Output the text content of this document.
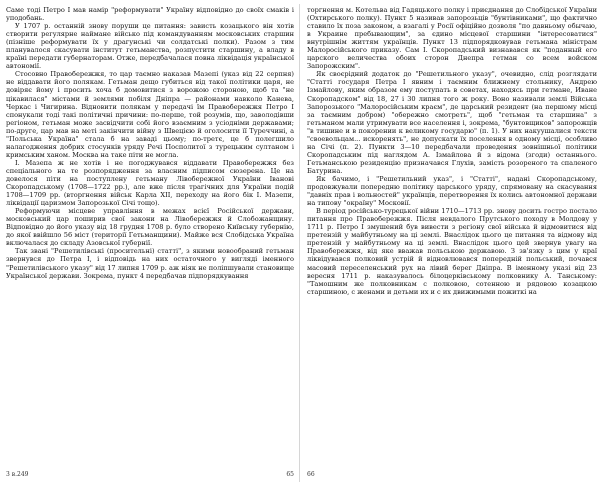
Саме тоді Петро I мав намір "реформувати" Україну відповідно до своїх смаків і уподобань.

У 1707 р. останній знову поруши це питання: зависть козацького він хотів створити регулярне наймане військо під командуванням московських старшин (пізніше реформувати їх у драгунські чи солдатські полки). Разом з тим планувалося скасувати інститут гетьманства, розпустити старшину, а владу в країні передати губернаторам. Отже, передбачалася повна ліквідація української автономії.

Стосовно Правобережжя, то цар таємно наказав Мазепі (указ від 22 серпня) не віддавати його полякам. Гетьман дещо губиться від такої політики царя, не довіряє йому і просить хоча б домовитися з ворожою стороною, щоб та "не цікавилася" містами й землями побіля Дніпра — районами навколо Канева, Черкас і Чигирина. Відновити полякам у передачі їм Правобережжя Петро І спонукали тоді такі політичні причини: по-перше, той розумів, що, заволодівши регіоном, гетьман може засвідчити собі його взаємним з усіодніми державами; по-друге, цар мав на меті закінчити війну з Швецією й оголосити її Туреччині, а "Польська Україна" стала б на заваді цьому; по-третє, це б полегшило налагодження добрих стосунків уряду Речі Посполитої з турецьким султаном і кримським ханом. Москва на таке піти не могла.

І. Мазепа ж не хотів і не погоджувався віддавати Правобережжя без спеціального на те розпорядження за власним підписом сюзерена. Це на довелося піти на поступлену гетьману Лівобережної України Іванові Скоропадському (1708—1722 рр.), але вже після трагічних для України подій 1708—1709 рр. (вторгнення військ Карла ХІІ, переходу на його бік І. Мазепи, ліквідації царизмом Запорозької Січі тощо).

Реформуючи місцеве управління в межах всієї Російської держави, московський цар поширив свої закони на Лівобережжя й Слобожанщину. Відповідно до його указу від 18 грудня 1708 р. було створено Київську губернію, до якої ввійшло 56 міст (території Гетьманщини). Майже вся Слобідська Україна включалася до складу Азовської губернії.

Так звані "Решетилівські (просительні) статті", з якими новообраний гетьман звернувся до Петра І, і відповідь на них остаточного у вигляді іменного "Решетилівського указу" від 17 липня 1709 р. аж ніяк не поліпшували становище Української держави. Зокрема, пункт 4 передбачав підпорядкування

3 в.249	65

торгнення м. Котельва від Гадяцького полку і приєднання до Слобідської України (Охтирського полку). Пункт 5 називав запорозьців "бунтівниками", що фактично ставило їх поза законом, а взагалі у Росії офіційно дозволя "по давньому обычаю, в Украине пребывающим", за єдино місцевої старшини "інтересоватися" внутрішнім життям українців. Пункт 13 підпорядковував гетьмана міністрам Малоросійського приказу. Сам І. Скоропадський визнавався як "поданный его царского величества обоих сторон Днепра гетман со всем войском Запорожским".

Як своєрідний додаток до "Решетильного указу", очевидно, слід розглядати "Статті государя Петра І явним і таємним ближнему стольнику, Андрею Ізмайлову, яким образом ему поступать в советах, находясь при гетмане, Иване Скоропадском" від 18, 27 і 30 липня того ж року. Воно називали землі Війська Запорозького "Малоросійським краєм", де царський резидент (на першому місці за таємним добром) "обережно смотреть", щоб "гетьман та старшина" з гетьманом мали утримувати все населення і, зокрема, "бунтовщиков" запорожців "в тишине и в покорении к великому государю" (п. 1). У них накуушалися тексти "своевольцам... искоренять", не допускати їх поселення в одному місці, особливо на Січі (п. 2). Пункти 3—10 передбачали проведення зовнішньої політики Скоропадським під наглядом А. Ізмайлова й з відома (згоди) останнього. Гетьманською резиденцію призначався Глухів, замість розореного та спаленого Батурина.

Як бачимо, і "Решетильний указ", і "Статті", надані Скоропадському, продовжували попередню політику царського уряду, спрямовану на скасування "давніх прав і вольностей" українців, перетворення їх колись автономної держави на типову "окраїну" Московії.

В період російсько-турецької війни 1710—1713 рр. знову досить гостро постало питання про Правобережжя. Після невдалого Прутського походу в Молдову у 1711 р. Петро І змушений був вивести з регіону свої війська й відмовитися від претензій у майбутньому на ці землі. Внаслідок цього це питання та відмову від претензій у майбутньому на ці землі. Внаслідок цього цей звернув увагу на Правобережжя, від яке вважав польською державою. З зв'язку з цим у краї ліквідувався полковий устрій й відновлювався попередній польський, почався масовий переселенський рух на лівий берег Дніпра. В іменному указі від 23 вересня 1711 р. наказувалось білоцерківському полковнику А. Танському: "Тамошним же полковникам с полковою, сотенною и рядовою козацкою старшиною, с женами и детьми их и с их движимыми пожиткі на

66
